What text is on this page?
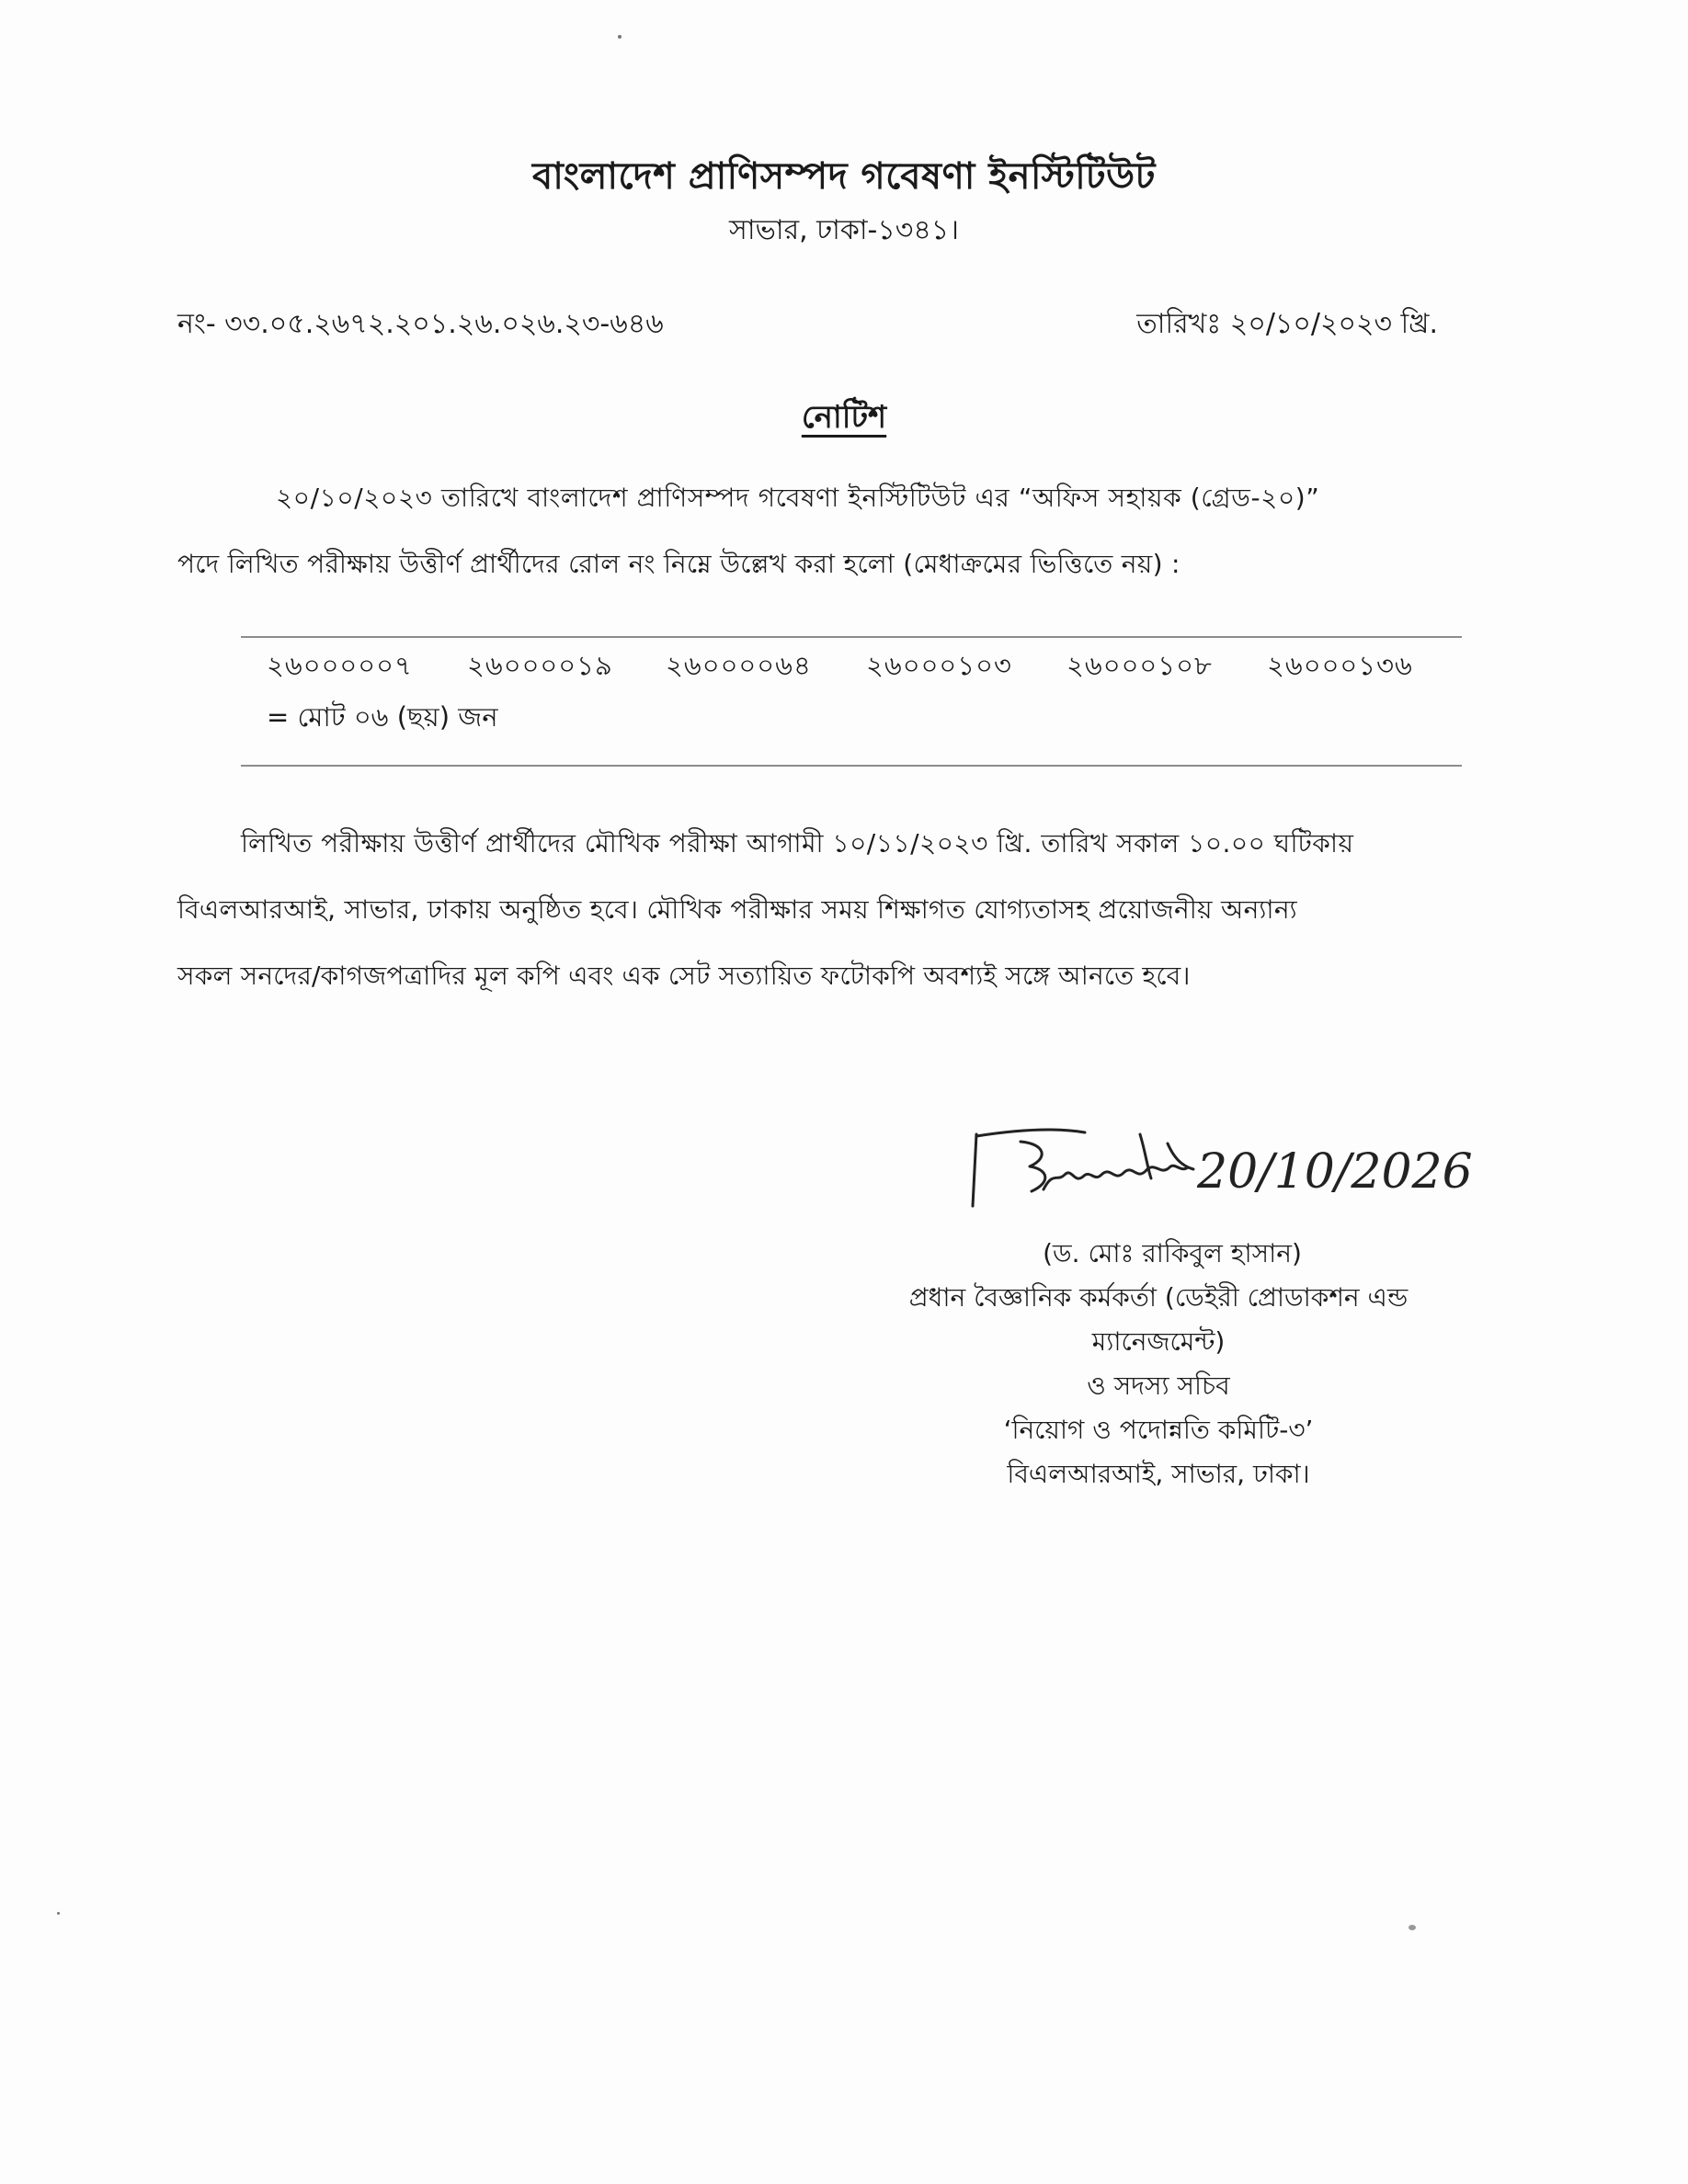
বাংলাদেশ প্রাণিসম্পদ গবেষণা ইনস্টিটিউট
সাভার, ঢাকা-১৩৪১।
নং- ৩৩.০৫.২৬৭২.২০১.২৬.০২৬.২৩-৬৪৬	তারিখঃ ২০/১০/২০২৩ খ্রি.
নোটিশ
২০/১০/২০২৩ তারিখে বাংলাদেশ প্রাণিসম্পদ গবেষণা ইনস্টিটিউট এর “অফিস সহায়ক (গ্রেড-২০)”
পদে লিখিত পরীক্ষায় উত্তীর্ণ প্রার্থীদের রোল নং নিম্নে উল্লেখ করা হলো (মেধাক্রমের ভিত্তিতে নয়) :
২৬০০০০০৭ ২৬০০০০১৯ ২৬০০০০৬৪ ২৬০০০১০৩ ২৬০০০১০৮ ২৬০০০১৩৬
= মোট ০৬ (ছয়) জন
লিখিত পরীক্ষায় উত্তীর্ণ প্রার্থীদের মৌখিক পরীক্ষা আগামী ১০/১১/২০২৩ খ্রি. তারিখ সকাল ১০.০০ ঘটিকায়
বিএলআরআই, সাভার, ঢাকায় অনুষ্ঠিত হবে। মৌখিক পরীক্ষার সময় শিক্ষাগত যোগ্যতাসহ প্রয়োজনীয় অন্যান্য
সকল সনদের/কাগজপত্রাদির মূল কপি এবং এক সেট সত্যায়িত ফটোকপি অবশ্যই সঙ্গে আনতে হবে।
20/10/2026
(ড. মোঃ রাকিবুল হাসান)
প্রধান বৈজ্ঞানিক কর্মকর্তা (ডেইরী প্রোডাকশন এন্ড
ম্যানেজমেন্ট)
ও সদস্য সচিব
‘নিয়োগ ও পদোন্নতি কমিটি-৩’
বিএলআরআই, সাভার, ঢাকা।
